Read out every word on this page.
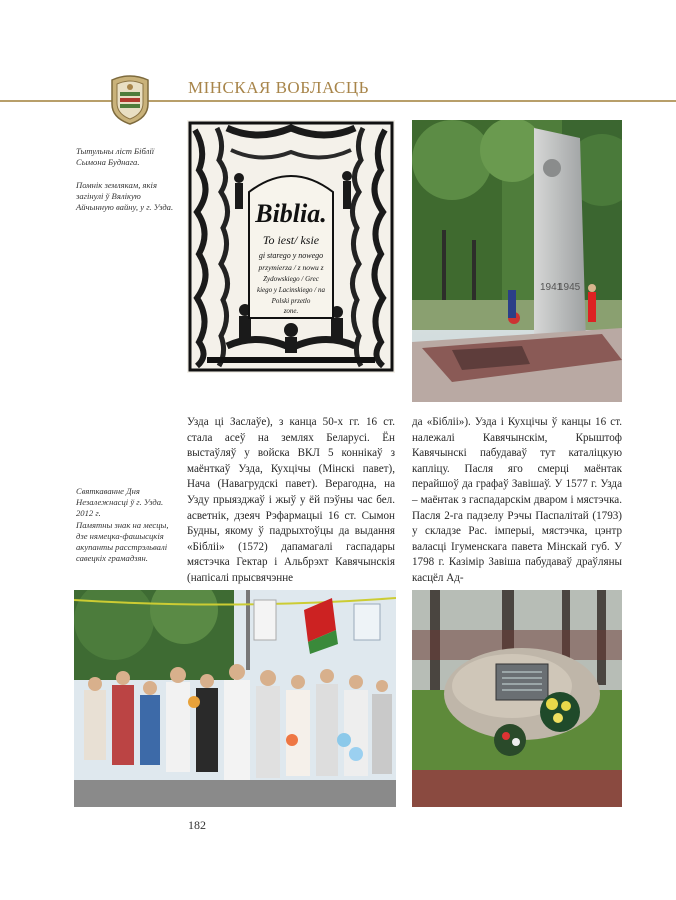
МІНСКАЯ ВОБЛАСЦЬ
Тытульны ліст Біблії Сымона Буднага.
Помнік землякам, якія загінулі ў Вялікую Айчынную вайну, у г. Узда.
Святкаванне Дня Незалежнасці ў г. Узда. 2012 г.
Памятны знак на месцы, дзе нямецка-фашысцкія акупанты расстрэльвалі савецкіх грамадзян.
Biblia.
To iest/ ksie
gi starego y nowego
przymierza / z nowu z
Zydowskiego / Grec
kiego y Lacinskiego / na
Polski przetlo
zone.
1941
1945

Узда ці Заслаўе), з канца 50-х гг. 16 ст. стала асеў на землях Беларусі. Ён выстаўляў у войска ВКЛ 5 коннікаў з маёнткаў Узда, Кухцічы (Мінскі павет), Нача (Навагрудскі павет). Верагодна, на Узду прыязджаў і жыў у ёй пэўны час бел. асветнік, дзеяч Рэфармацыі 16 ст. Сымон Будны, якому ў падрыхтоўцы да выдання «Бібліі» (1572) дапамагалі гаспадары мястэчка Гектар і Альбрэхт Кавячынскія (напісалі прысвячэнне

да «Бібліі»). Узда і Кухцічы ў канцы 16 ст. належалі Кавячынскім, Крыштоф Кавячынскі пабудаваў тут каталіцкую капліцу. Пасля яго смерці маёнтак перайшоў да графаў Завішаў. У 1577 г. Узда – маёнтак з гаспадарскім дваром і мястэчка. Пасля 2-га падзелу Рэчы Паспалітай (1793) у складзе Рас. імперыі, мястэчка, цэнтр валасці Ігуменскага павета Мінскай губ. У 1798 г. Казімір Завіша пабудаваў драўляны касцёл Ад-

182
